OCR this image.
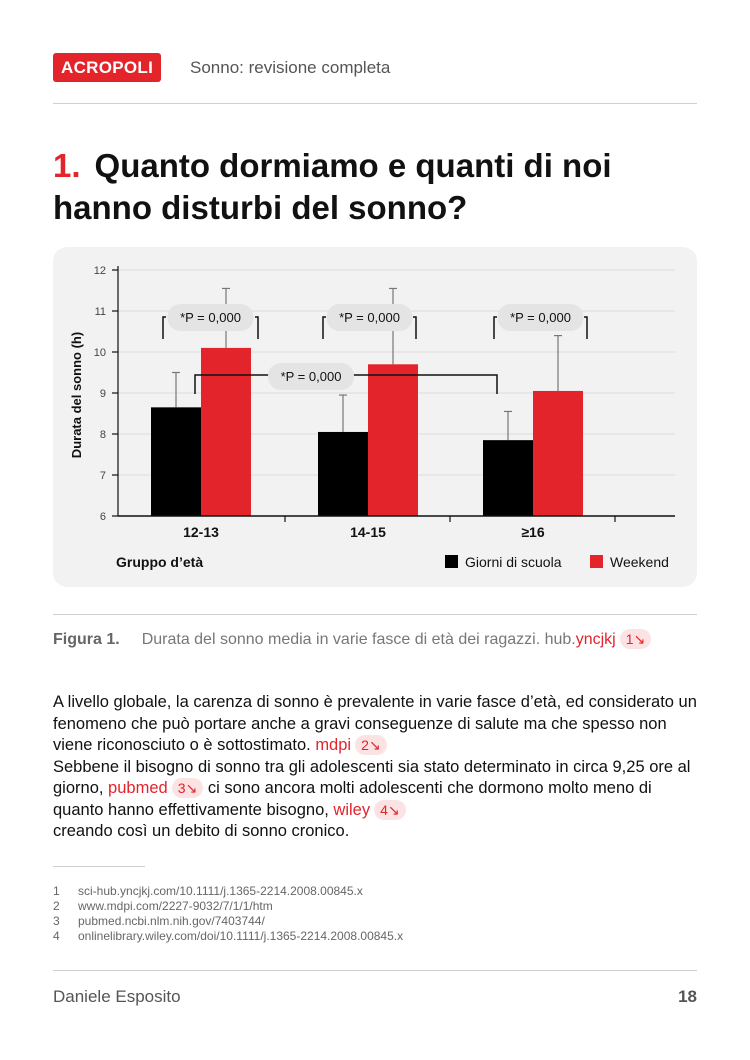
ACROPOLI	Sonno: revisione completa
1. Quanto dormiamo e quanti di noi hanno disturbi del sonno?
6
7
8
9
10
11
12
12-13	14-15	≥16
*P = 0,000	*P = 0,000	*P = 0,000
*P = 0,000
Durata del sonno (h)
Gruppo d’età	Giorni di scuola	Weekend
Figura 1. Durata del sonno media in varie fasce di età dei ragazzi. hub.yncjkj 1↘

A livello globale, la carenza di sonno è prevalente in varie fasce d’età, ed considerato un fenomeno che può portare anche a gravi conseguenze di salute ma che spesso non viene riconosciuto o è sottostimato. mdpi 2↘
Sebbene il bisogno di sonno tra gli adolescenti sia stato determinato in circa 9,25 ore al giorno, pubmed 3↘ ci sono ancora molti adolescenti che dormono molto meno di quanto hanno effettivamente bisogno, wiley 4↘
creando così un debito di sonno cronico.

1 sci-hub.yncjkj.com/10.1111/j.1365-2214.2008.00845.x
2 www.mdpi.com/2227-9032/7/1/1/htm
3 pubmed.ncbi.nlm.nih.gov/7403744/
4 onlinelibrary.wiley.com/doi/10.1111/j.1365-2214.2008.00845.x
Daniele Esposito	18
